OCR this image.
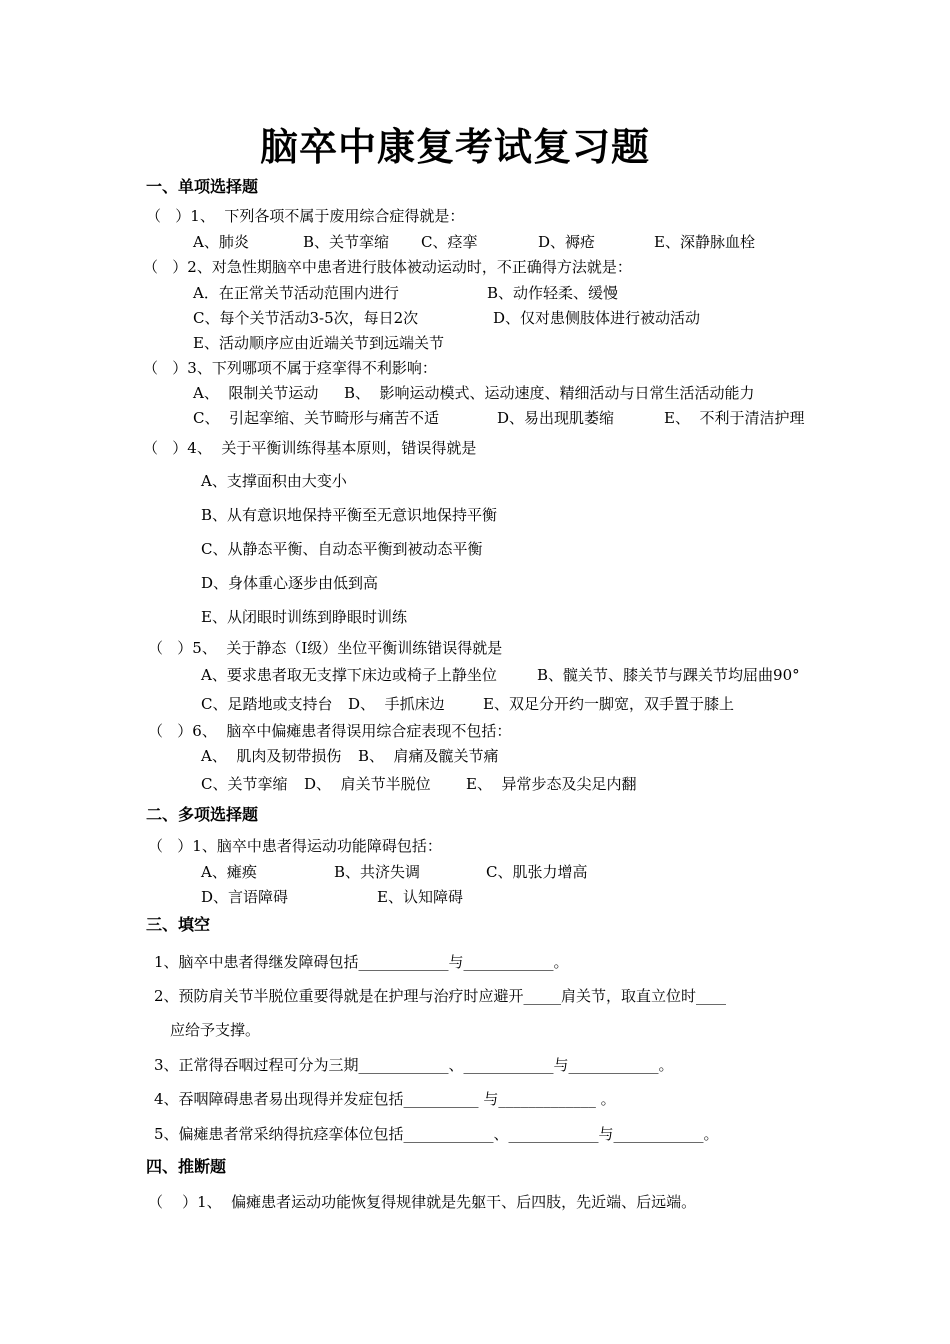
脑卒中康复考试复习题
一、单项选择题
（   ）1、  下列各项不属于废用综合症得就是：
A、肺炎	B、关节挛缩 C、痉挛	D、褥疮	E、深静脉血栓
（   ）2、对急性期脑卒中患者进行肢体被动运动时，不正确得方法就是：
A．在正常关节活动范围内进行	B、动作轻柔、缓慢
C、每个关节活动3-5次，每日2次	D、仅对患侧肢体进行被动活动
E、活动顺序应由近端关节到远端关节
（   ）3、下列哪项不属于痉挛得不利影响：
A、  限制关节运动 B、  影响运动模式、运动速度、精细活动与日常生活活动能力
C、  引起挛缩、关节畸形与痛苦不适	D、易出现肌萎缩	E、  不利于清洁护理
（   ）4、  关于平衡训练得基本原则，错误得就是
A、支撑面积由大变小
B、从有意识地保持平衡至无意识地保持平衡
C、从静态平衡、自动态平衡到被动态平衡
D、身体重心逐步由低到高
E、从闭眼时训练到睁眼时训练
（   ）5、  关于静态（I级）坐位平衡训练错误得就是
A、要求患者取无支撑下床边或椅子上静坐位	B、髋关节、膝关节与踝关节均屈曲90°
C、足踏地或支持台 D、  手抓床边	E、双足分开约一脚宽，双手置于膝上
（   ）6、  脑卒中偏瘫患者得误用综合症表现不包括：
A、  肌肉及韧带损伤 B、  肩痛及髋关节痛
C、关节挛缩 D、  肩关节半脱位 E、  异常步态及尖足内翻
二、多项选择题
（   ）1、脑卒中患者得运动功能障碍包括：
A、瘫痪	B、共济失调	C、肌张力增高
D、言语障碍	E、认知障碍
三、填空
1、脑卒中患者得继发障碍包括____________与____________。
2、预防肩关节半脱位重要得就是在护理与治疗时应避开_____肩关节，取直立位时____
应给予支撑。
3、正常得吞咽过程可分为三期____________、____________与____________。
4、吞咽障碍患者易出现得并发症包括__________ 与_____________ 。
5、偏瘫患者常采纳得抗痉挛体位包括____________、____________与____________。
四、推断题
（    ）1、  偏瘫患者运动功能恢复得规律就是先躯干、后四肢，先近端、后远端。
